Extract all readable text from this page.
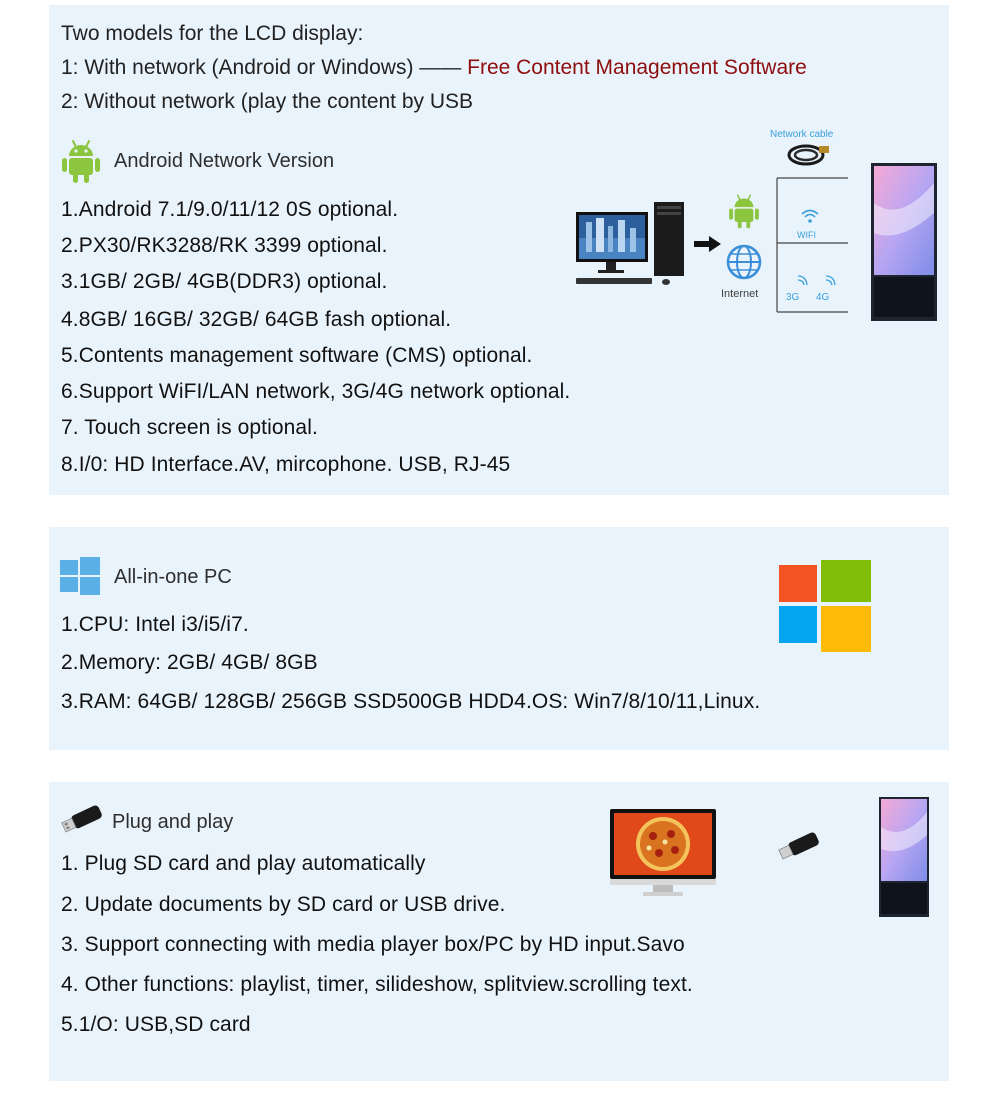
Two models for the LCD display:
1: With network (Android or Windows) —— Free Content Management Software
2: Without network (play the content by USB
Android Network Version
1.Android 7.1/9.0/11/12 0S optional.
2.PX30/RK3288/RK 3399 optional.
3.1GB/ 2GB/ 4GB(DDR3) optional.
4.8GB/ 16GB/ 32GB/ 64GB fash optional.
5.Contents management software (CMS) optional.
6.Support WiFI/LAN network, 3G/4G network optional.
7. Touch screen is optional.
8.I/0: HD Interface.AV, mircophone. USB, RJ-45
Internet
Network cable
WIFI
3G 4G
All-in-one PC
1.CPU: Intel i3/i5/i7.
2.Memory: 2GB/ 4GB/ 8GB
3.RAM: 64GB/ 128GB/ 256GB SSD500GB HDD4.OS: Win7/8/10/11,Linux.
Plug and play
1. Plug SD card and play automatically
2. Update documents by SD card or USB drive.
3. Support connecting with media player box/PC by HD input.Savo
4. Other functions: playlist, timer, silideshow, splitview.scrolling text.
5.1/O: USB,SD card
